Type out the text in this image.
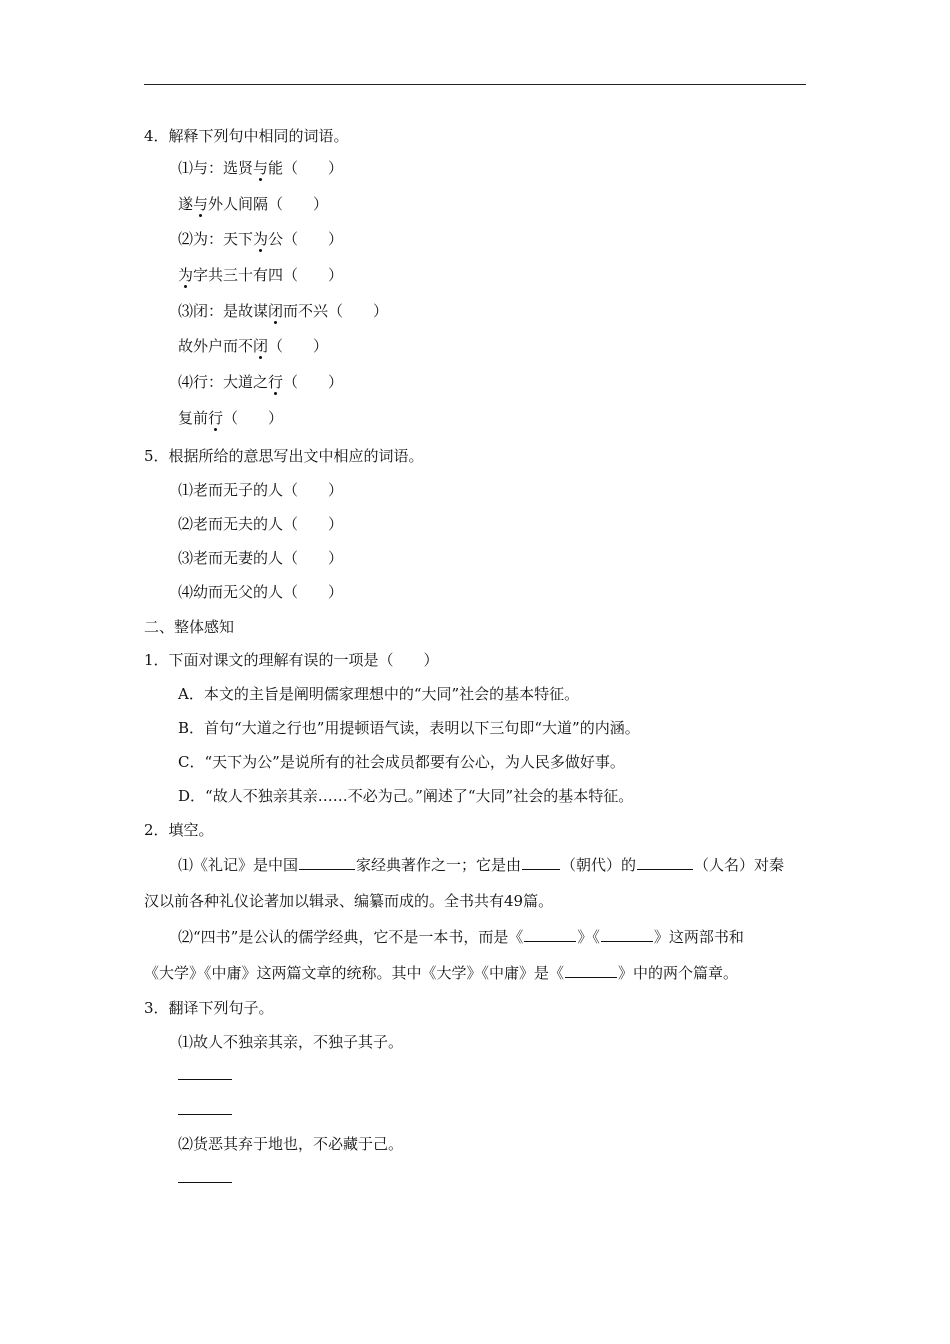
4．解释下列句中相同的词语。
⑴与：选贤与能（　　）
遂与外人间隔（　　）
⑵为：天下为公（　　）
为字共三十有四（　　）
⑶闭：是故谋闭而不兴（　　）
故外户而不闭（　　）
⑷行：大道之行（　　）
复前行（　　）
5．根据所给的意思写出文中相应的词语。
⑴老而无子的人（　　）
⑵老而无夫的人（　　）
⑶老而无妻的人（　　）
⑷幼而无父的人（　　）
二、整体感知
1．下面对课文的理解有误的一项是（　　）
A．本文的主旨是阐明儒家理想中的“大同”社会的基本特征。
B．首句“大道之行也”用提顿语气读，表明以下三句即“大道”的内涵。
C．“天下为公”是说所有的社会成员都要有公心，为人民多做好事。
D．“故人不独亲其亲……不必为己。”阐述了“大同”社会的基本特征。
2．填空。
⑴《礼记》是中国	家经典著作之一；它是由	（朝代）的	（人名）对秦
汉以前各种礼仪论著加以辑录、编纂而成的。全书共有49篇。
⑵“四书”是公认的儒学经典，它不是一本书，而是《	》《	》这两部书和
《大学》《中庸》这两篇文章的统称。其中《大学》《中庸》是《	》中的两个篇章。
3．翻译下列句子。
⑴故人不独亲其亲，不独子其子。
⑵货恶其弃于地也，不必藏于己。
